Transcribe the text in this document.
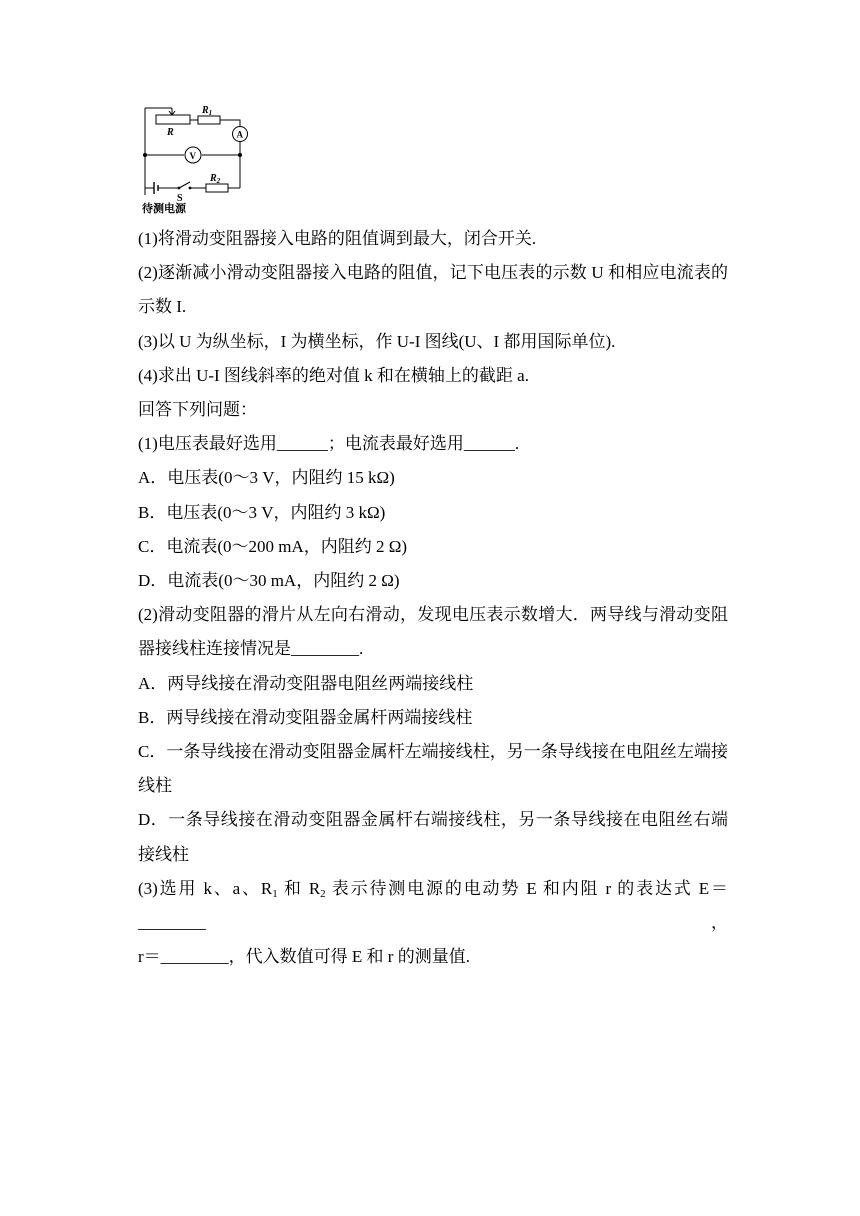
R
$R_1$
A
V
$R_2$
S
待测电源

(1)将滑动变阻器接入电路的阻值调到最大，闭合开关.

(2)逐渐减小滑动变阻器接入电路的阻值，记下电压表的示数 U 和相应电流表的

示数 I.

(3)以 U 为纵坐标，I 为横坐标，作 U-I 图线(U、I 都用国际单位).

(4)求出 U-I 图线斜率的绝对值 k 和在横轴上的截距 a.

回答下列问题：

(1)电压表最好选用______；电流表最好选用______.

A．电压表(0～3 V，内阻约 15 kΩ)

B．电压表(0～3 V，内阻约 3 kΩ)

C．电流表(0～200 mA，内阻约 2 Ω)

D．电流表(0～30 mA，内阻约 2 Ω)

(2)滑动变阻器的滑片从左向右滑动，发现电压表示数增大．两导线与滑动变阻

器接线柱连接情况是________.

A．两导线接在滑动变阻器电阻丝两端接线柱

B．两导线接在滑动变阻器金属杆两端接线柱

C．一条导线接在滑动变阻器金属杆左端接线柱，另一条导线接在电阻丝左端接

线柱

D．一条导线接在滑动变阻器金属杆右端接线柱，另一条导线接在电阻丝右端

接线柱

(3)选用 k、a、$R_1$ 和 $R_2$ 表示待测电源的电动势 E 和内阻 r 的表达式 E＝________，

r＝________，代入数值可得 E 和 r 的测量值.
